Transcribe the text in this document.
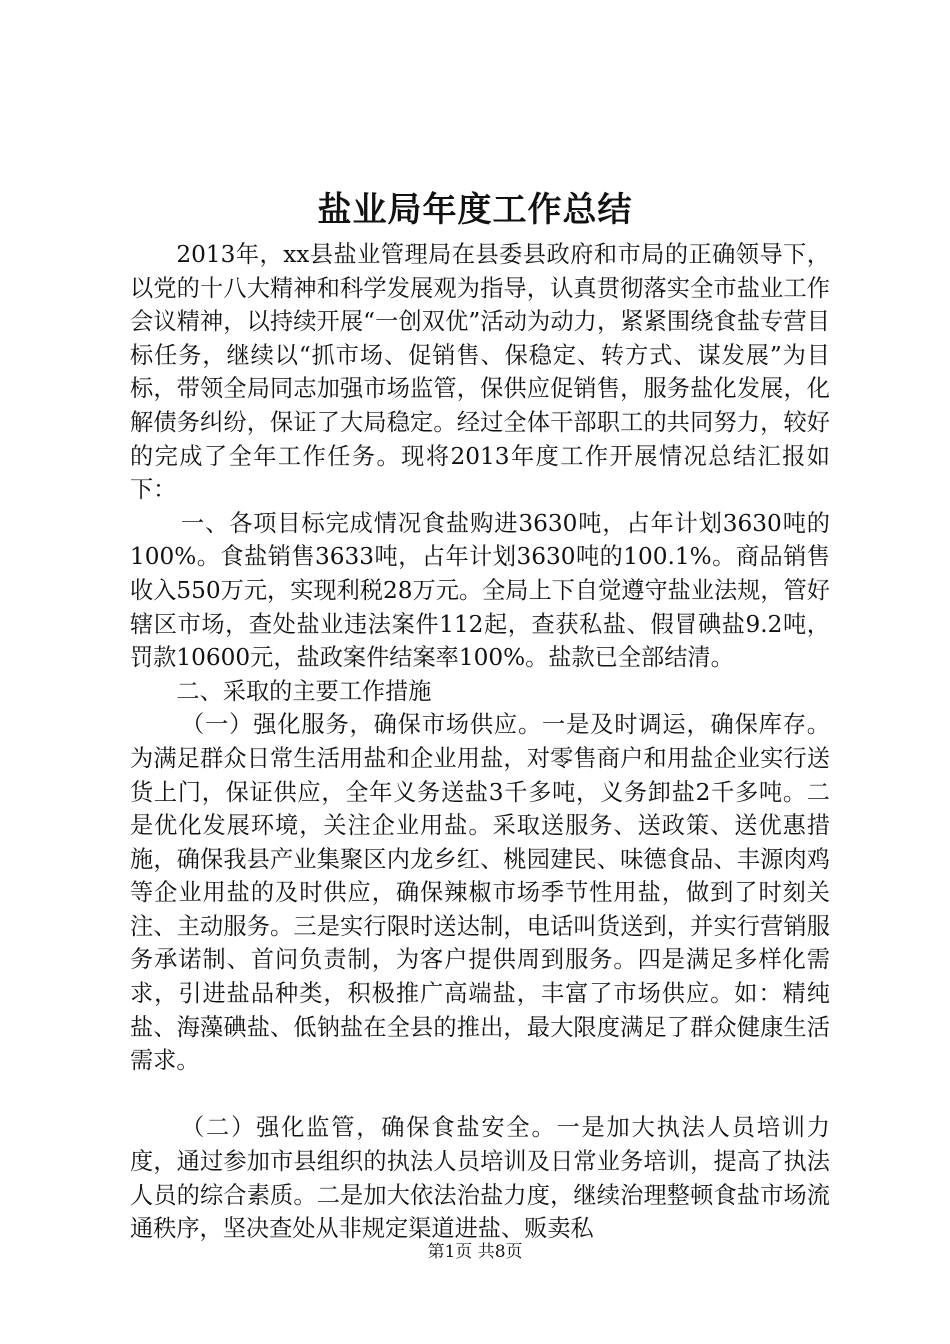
盐业局年度工作总结

2013年，xx县盐业管理局在县委县政府和市局的正确领导下，以党的十八大精神和科学发展观为指导，认真贯彻落实全市盐业工作会议精神，以持续开展“一创双优”活动为动力，紧紧围绕食盐专营目标任务，继续以“抓市场、促销售、保稳定、转方式、谋发展”为目标，带领全局同志加强市场监管，保供应促销售，服务盐化发展，化解债务纠纷，保证了大局稳定。经过全体干部职工的共同努力，较好的完成了全年工作任务。现将2013年度工作开展情况总结汇报如下：

一、各项目标完成情况食盐购进3630吨，占年计划3630吨的100%。食盐销售3633吨，占年计划3630吨的100.1%。商品销售收入550万元，实现利税28万元。全局上下自觉遵守盐业法规，管好辖区市场，查处盐业违法案件112起，查获私盐、假冒碘盐9.2吨，罚款10600元，盐政案件结案率100%。盐款已全部结清。

二、采取的主要工作措施

（一）强化服务，确保市场供应。一是及时调运，确保库存。为满足群众日常生活用盐和企业用盐，对零售商户和用盐企业实行送货上门，保证供应，全年义务送盐3千多吨，义务卸盐2千多吨。二是优化发展环境，关注企业用盐。采取送服务、送政策、送优惠措施，确保我县产业集聚区内龙乡红、桃园建民、味德食品、丰源肉鸡等企业用盐的及时供应，确保辣椒市场季节性用盐，做到了时刻关注、主动服务。三是实行限时送达制，电话叫货送到，并实行营销服务承诺制、首问负责制，为客户提供周到服务。四是满足多样化需求，引进盐品种类，积极推广高端盐，丰富了市场供应。如：精纯盐、海藻碘盐、低钠盐在全县的推出，最大限度满足了群众健康生活需求。

（二）强化监管，确保食盐安全。一是加大执法人员培训力度，通过参加市县组织的执法人员培训及日常业务培训，提高了执法人员的综合素质。二是加大依法治盐力度，继续治理整顿食盐市场流通秩序，坚决查处从非规定渠道进盐、贩卖私

第1页 共8页
